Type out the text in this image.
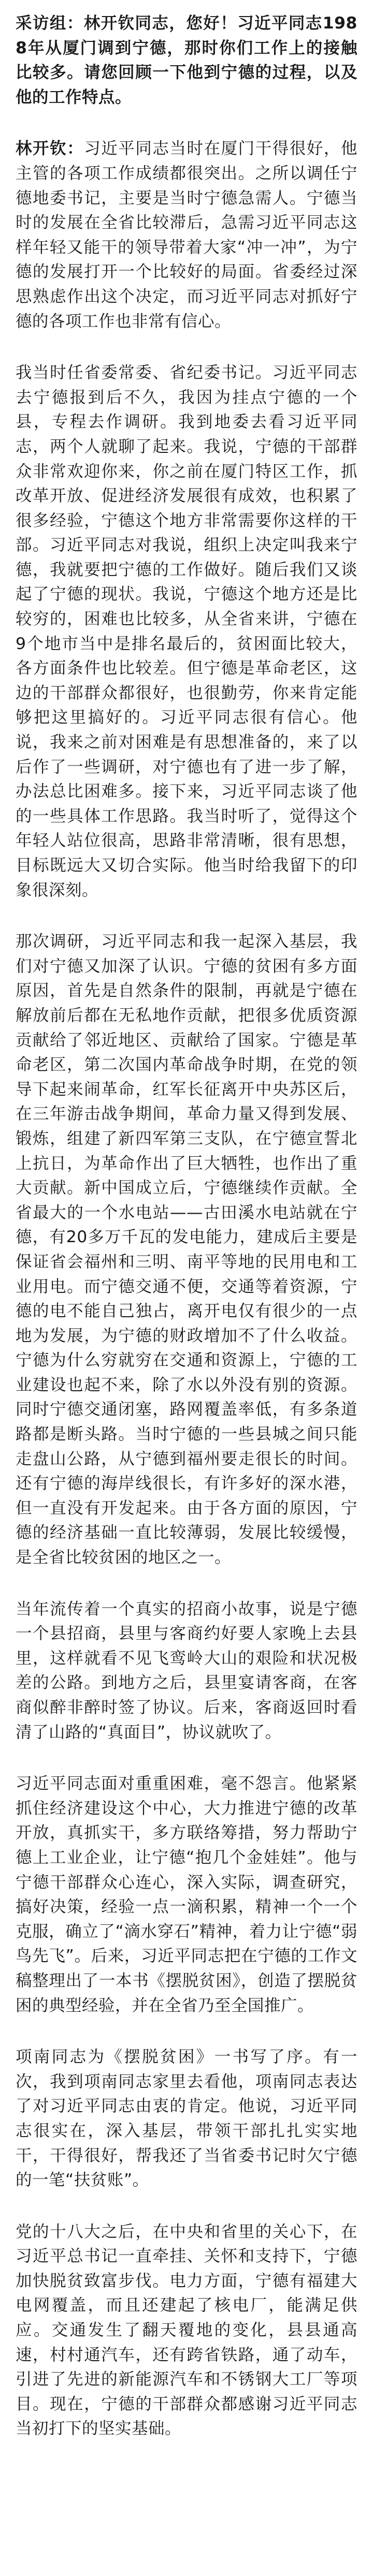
采访组：林开钦同志，您好！习近平同志1988年从厦门调到宁德，那时你们工作上的接触比较多。请您回顾一下他到宁德的过程，以及他的工作特点。

林开钦：习近平同志当时在厦门干得很好，他主管的各项工作成绩都很突出。之所以调任宁德地委书记，主要是当时宁德急需人。宁德当时的发展在全省比较滞后，急需习近平同志这样年轻又能干的领导带着大家“冲一冲”，为宁德的发展打开一个比较好的局面。省委经过深思熟虑作出这个决定，而习近平同志对抓好宁德的各项工作也非常有信心。

我当时任省委常委、省纪委书记。习近平同志去宁德报到后不久，我因为挂点宁德的一个县，专程去作调研。我到地委去看习近平同志，两个人就聊了起来。我说，宁德的干部群众非常欢迎你来，你之前在厦门特区工作，抓改革开放、促进经济发展很有成效，也积累了很多经验，宁德这个地方非常需要你这样的干部。习近平同志对我说，组织上决定叫我来宁德，我就要把宁德的工作做好。随后我们又谈起了宁德的现状。我说，宁德这个地方还是比较穷的，困难也比较多，从全省来讲，宁德在9个地市当中是排名最后的，贫困面比较大，各方面条件也比较差。但宁德是革命老区，这边的干部群众都很好，也很勤劳，你来肯定能够把这里搞好的。习近平同志很有信心。他说，我来之前对困难是有思想准备的，来了以后作了一些调研，对宁德也有了进一步了解，办法总比困难多。接下来，习近平同志谈了他的一些具体工作思路。我当时听了，觉得这个年轻人站位很高，思路非常清晰，很有思想，目标既远大又切合实际。他当时给我留下的印象很深刻。

那次调研，习近平同志和我一起深入基层，我们对宁德又加深了认识。宁德的贫困有多方面原因，首先是自然条件的限制，再就是宁德在解放前后都在无私地作贡献，把很多优质资源贡献给了邻近地区、贡献给了国家。宁德是革命老区，第二次国内革命战争时期，在党的领导下起来闹革命，红军长征离开中央苏区后，在三年游击战争期间，革命力量又得到发展、锻炼，组建了新四军第三支队，在宁德宣誓北上抗日，为革命作出了巨大牺牲，也作出了重大贡献。新中国成立后，宁德继续作贡献。全省最大的一个水电站——古田溪水电站就在宁德，有20多万千瓦的发电能力，建成后主要是保证省会福州和三明、南平等地的民用电和工业用电。而宁德交通不便，交通等着资源，宁德的电不能自己独占，离开电仅有很少的一点地为发展，为宁德的财政增加不了什么收益。宁德为什么穷就穷在交通和资源上，宁德的工业建设也起不来，除了水以外没有别的资源。同时宁德交通闭塞，路网覆盖率低，有多条道路都是断头路。当时宁德的一些县城之间只能走盘山公路，从宁德到福州要走很长的时间。还有宁德的海岸线很长，有许多好的深水港，但一直没有开发起来。由于各方面的原因，宁德的经济基础一直比较薄弱，发展比较缓慢，是全省比较贫困的地区之一。

当年流传着一个真实的招商小故事，说是宁德一个县招商，县里与客商约好要人家晚上去县里，这样就看不见飞鸾岭大山的艰险和状况极差的公路。到地方之后，县里宴请客商，在客商似醉非醉时签了协议。后来，客商返回时看清了山路的“真面目”，协议就吹了。

习近平同志面对重重困难，毫不怨言。他紧紧抓住经济建设这个中心，大力推进宁德的改革开放，真抓实干，多方联络筹措，努力帮助宁德上工业企业，让宁德“抱几个金娃娃”。他与宁德干部群众心连心，深入实际，调查研究，搞好决策，经验一点一滴积累，精神一个一个克服，确立了“滴水穿石”精神，着力让宁德“弱鸟先飞”。后来，习近平同志把在宁德的工作文稿整理出了一本书《摆脱贫困》，创造了摆脱贫困的典型经验，并在全省乃至全国推广。

项南同志为《摆脱贫困》一书写了序。有一次，我到项南同志家里去看他，项南同志表达了对习近平同志由衷的肯定。他说，习近平同志很实在，深入基层，带领干部扎扎实实地干，干得很好，帮我还了当省委书记时欠宁德的一笔“扶贫账”。

党的十八大之后，在中央和省里的关心下，在习近平总书记一直牵挂、关怀和支持下，宁德加快脱贫致富步伐。电力方面，宁德有福建大电网覆盖，而且还建起了核电厂，能满足供应。交通发生了翻天覆地的变化，县县通高速，村村通汽车，还有跨省铁路，通了动车，引进了先进的新能源汽车和不锈钢大工厂等项目。现在，宁德的干部群众都感谢习近平同志当初打下的坚实基础。
